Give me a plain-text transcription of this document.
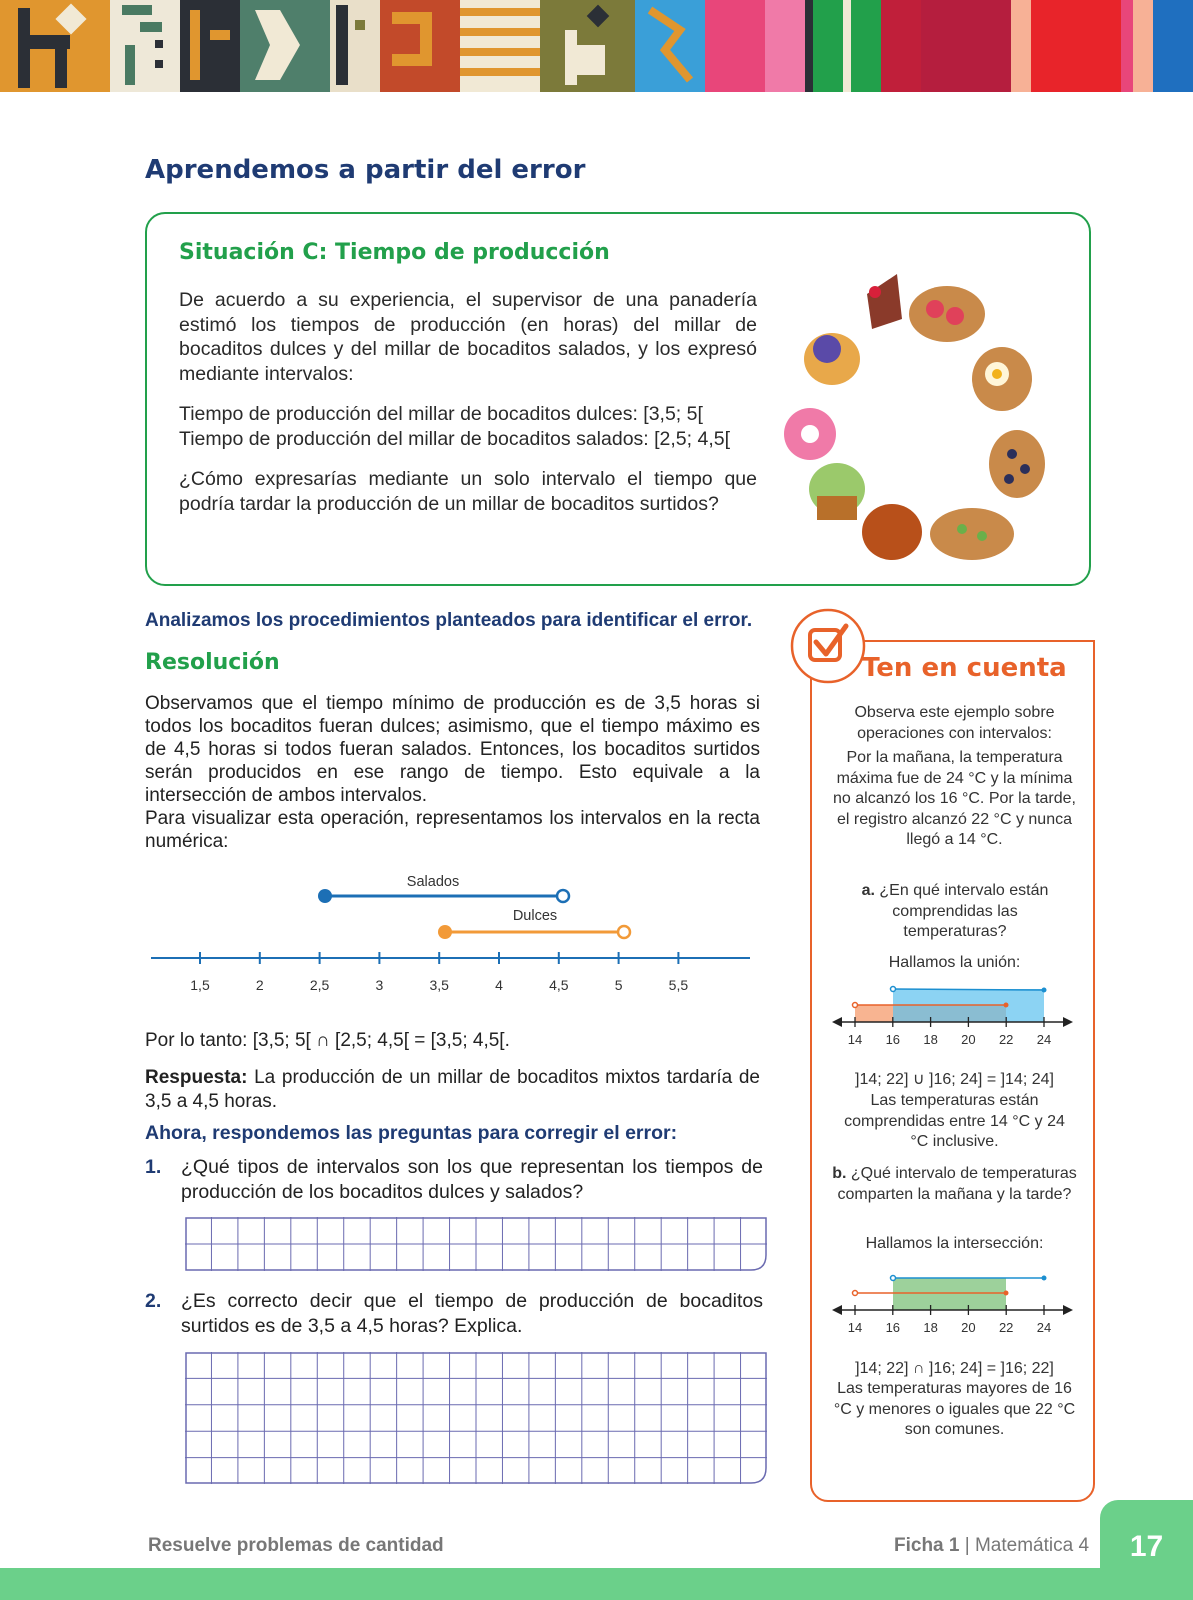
Aprendemos a partir del error
Situación C: Tiempo de producción

De acuerdo a su experiencia, el supervisor de una panadería estimó los tiempos de producción (en horas) del millar de bocaditos dulces y del millar de bocaditos salados, y los expresó mediante intervalos:

Tiempo de producción del millar de bocaditos dulces: [3,5; 5[

Tiempo de producción del millar de bocaditos salados: [2,5; 4,5[

¿Cómo expresarías mediante un solo intervalo el tiempo que podría tardar la producción de un millar de bocaditos surtidos?

Analizamos los procedimientos planteados para identificar el error.
Resolución

Observamos que el tiempo mínimo de producción es de 3,5 horas si todos los bocaditos fueran dulces; asimismo, que el tiempo máximo es de 4,5 horas si todos fueran salados. Entonces, los bocaditos surtidos serán producidos en ese rango de tiempo. Esto equivale a la intersección de ambos intervalos.

Para visualizar esta operación, representamos los intervalos en la recta numérica:

1,5	2	2,5	3	3,5	4	4,5	5	5,5
Salados
Dulces
Por lo tanto: [3,5; 5[ ∩ [2,5; 4,5[ = [3,5; 4,5[.
Respuesta: La producción de un millar de bocaditos mixtos tardaría de 3,5 a 4,5 horas.
Ahora, respondemos las preguntas para corregir el error:
1. ¿Qué tipos de intervalos son los que representan los tiempos de producción de los bocaditos dulces y salados?
2. ¿Es correcto decir que el tiempo de producción de bocaditos surtidos es de 3,5 a 4,5 horas? Explica.
Ten en cuenta
Observa este ejemplo sobre operaciones con intervalos:
Por la mañana, la temperatura máxima fue de 24 °C y la mínima no alcanzó los 16 °C. Por la tarde, el registro alcanzó 22 °C y nunca llegó a 14 °C.
a. ¿En qué intervalo están comprendidas las temperaturas?
Hallamos la unión:
14 16 18 20 22 24
]14; 22] ∪ ]16; 24] = ]14; 24]
Las temperaturas están comprendidas entre 14 °C y 24 °C inclusive.
b. ¿Qué intervalo de temperaturas comparten la mañana y la tarde?
Hallamos la intersección:
14 16 18 20 22 24
]14; 22] ∩ ]16; 24] = ]16; 22]
Las temperaturas mayores de 16 °C y menores o iguales que 22 °C son comunes.
Resuelve problemas de cantidad	Ficha 1 | Matemática 4	17
